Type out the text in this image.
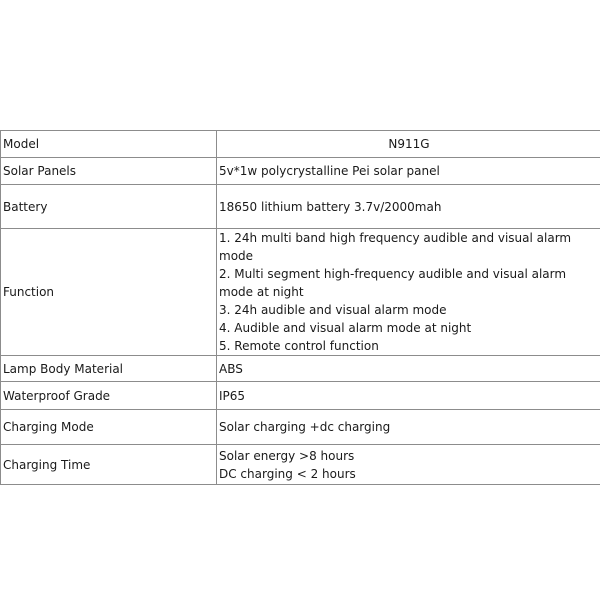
Model	N911G

Solar Panels	5v*1w polycrystalline Pei solar panel

Battery	18650 lithium battery 3.7v/2000mah

Function	1. 24h multi band high frequency audible and visual alarm mode
2. Multi segment high-frequency audible and visual alarm mode at night
3. 24h audible and visual alarm mode
4. Audible and visual alarm mode at night
5. Remote control function

Lamp Body Material	ABS

Waterproof Grade	IP65

Charging Mode	Solar charging +dc charging

Charging Time	Solar energy >8 hours
DC charging < 2 hours
